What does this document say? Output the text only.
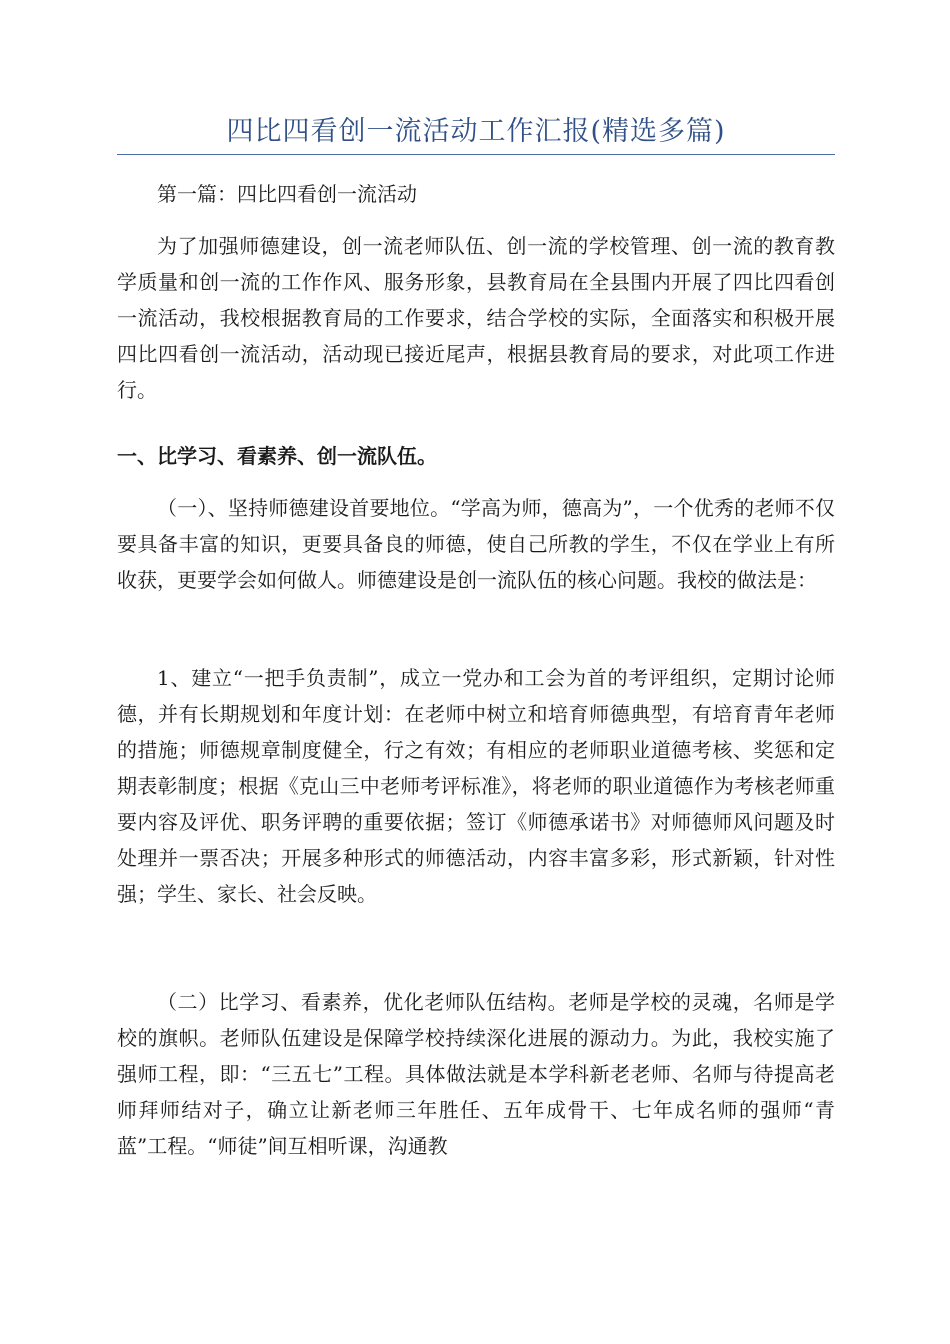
四比四看创一流活动工作汇报(精选多篇)

第一篇：四比四看创一流活动

为了加强师德建设，创一流老师队伍、创一流的学校管理、创一流的教育教学质量和创一流的工作作风、服务形象，县教育局在全县围内开展了四比四看创一流活动，我校根据教育局的工作要求，结合学校的实际，全面落实和积极开展四比四看创一流活动，活动现已接近尾声，根据县教育局的要求，对此项工作进行。

一、比学习、看素养、创一流队伍。

（一）、坚持师德建设首要地位。“学高为师，德高为”，一个优秀的老师不仅要具备丰富的知识，更要具备良的师德，使自己所教的学生，不仅在学业上有所收获，更要学会如何做人。师德建设是创一流队伍的核心问题。我校的做法是：

1、建立“一把手负责制”，成立一党办和工会为首的考评组织，定期讨论师德，并有长期规划和年度计划：在老师中树立和培育师德典型，有培育青年老师的措施；师德规章制度健全，行之有效；有相应的老师职业道德考核、奖惩和定期表彰制度；根据《克山三中老师考评标准》，将老师的职业道德作为考核老师重要内容及评优、职务评聘的重要依据；签订《师德承诺书》对师德师风问题及时处理并一票否决；开展多种形式的师德活动，内容丰富多彩，形式新颖，针对性强；学生、家长、社会反映。

（二）比学习、看素养，优化老师队伍结构。老师是学校的灵魂，名师是学校的旗帜。老师队伍建设是保障学校持续深化进展的源动力。为此，我校实施了强师工程，即：“三五七”工程。具体做法就是本学科新老老师、名师与待提高老师拜师结对子，确立让新老师三年胜任、五年成骨干、七年成名师的强师“青蓝”工程。“师徒”间互相听课，沟通教
